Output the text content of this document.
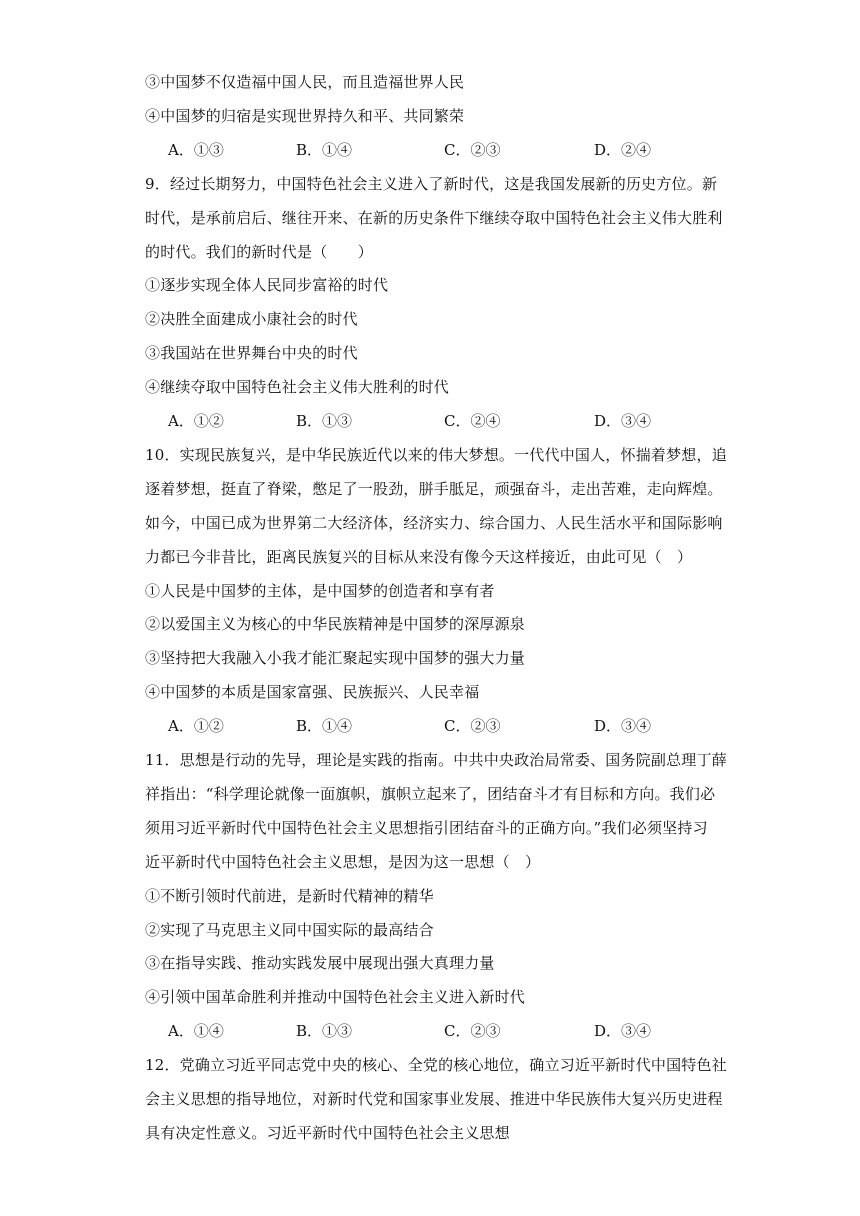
③中国梦不仅造福中国人民，而且造福世界人民
④中国梦的归宿是实现世界持久和平、共同繁荣
A．①③	B．①④	C．②③	D．②④
9．经过长期努力，中国特色社会主义进入了新时代，这是我国发展新的历史方位。新
时代，是承前启后、继往开来、在新的历史条件下继续夺取中国特色社会主义伟大胜利
的时代。我们的新时代是（　　）
①逐步实现全体人民同步富裕的时代
②决胜全面建成小康社会的时代
③我国站在世界舞台中央的时代
④继续夺取中国特色社会主义伟大胜利的时代
A．①②	B．①③	C．②④	D．③④
10．实现民族复兴，是中华民族近代以来的伟大梦想。一代代中国人，怀揣着梦想，追
逐着梦想，挺直了脊梁，憋足了一股劲，胼手胝足，顽强奋斗，走出苦难，走向辉煌。
如今，中国已成为世界第二大经济体，经济实力、综合国力、人民生活水平和国际影响
力都已今非昔比，距离民族复兴的目标从来没有像今天这样接近，由此可见（　）
①人民是中国梦的主体，是中国梦的创造者和享有者
②以爱国主义为核心的中华民族精神是中国梦的深厚源泉
③坚持把大我融入小我才能汇聚起实现中国梦的强大力量
④中国梦的本质是国家富强、民族振兴、人民幸福
A．①②	B．①④	C．②③	D．③④
11．思想是行动的先导，理论是实践的指南。中共中央政治局常委、国务院副总理丁薛
祥指出：“科学理论就像一面旗帜，旗帜立起来了，团结奋斗才有目标和方向。我们必
须用习近平新时代中国特色社会主义思想指引团结奋斗的正确方向。”我们必须坚持习
近平新时代中国特色社会主义思想，是因为这一思想（　）
①不断引领时代前进，是新时代精神的精华
②实现了马克思主义同中国实际的最高结合
③在指导实践、推动实践发展中展现出强大真理力量
④引领中国革命胜利并推动中国特色社会主义进入新时代
A．①④	B．①③	C．②③	D．③④
12．党确立习近平同志党中央的核心、全党的核心地位，确立习近平新时代中国特色社
会主义思想的指导地位，对新时代党和国家事业发展、推进中华民族伟大复兴历史进程
具有决定性意义。习近平新时代中国特色社会主义思想
